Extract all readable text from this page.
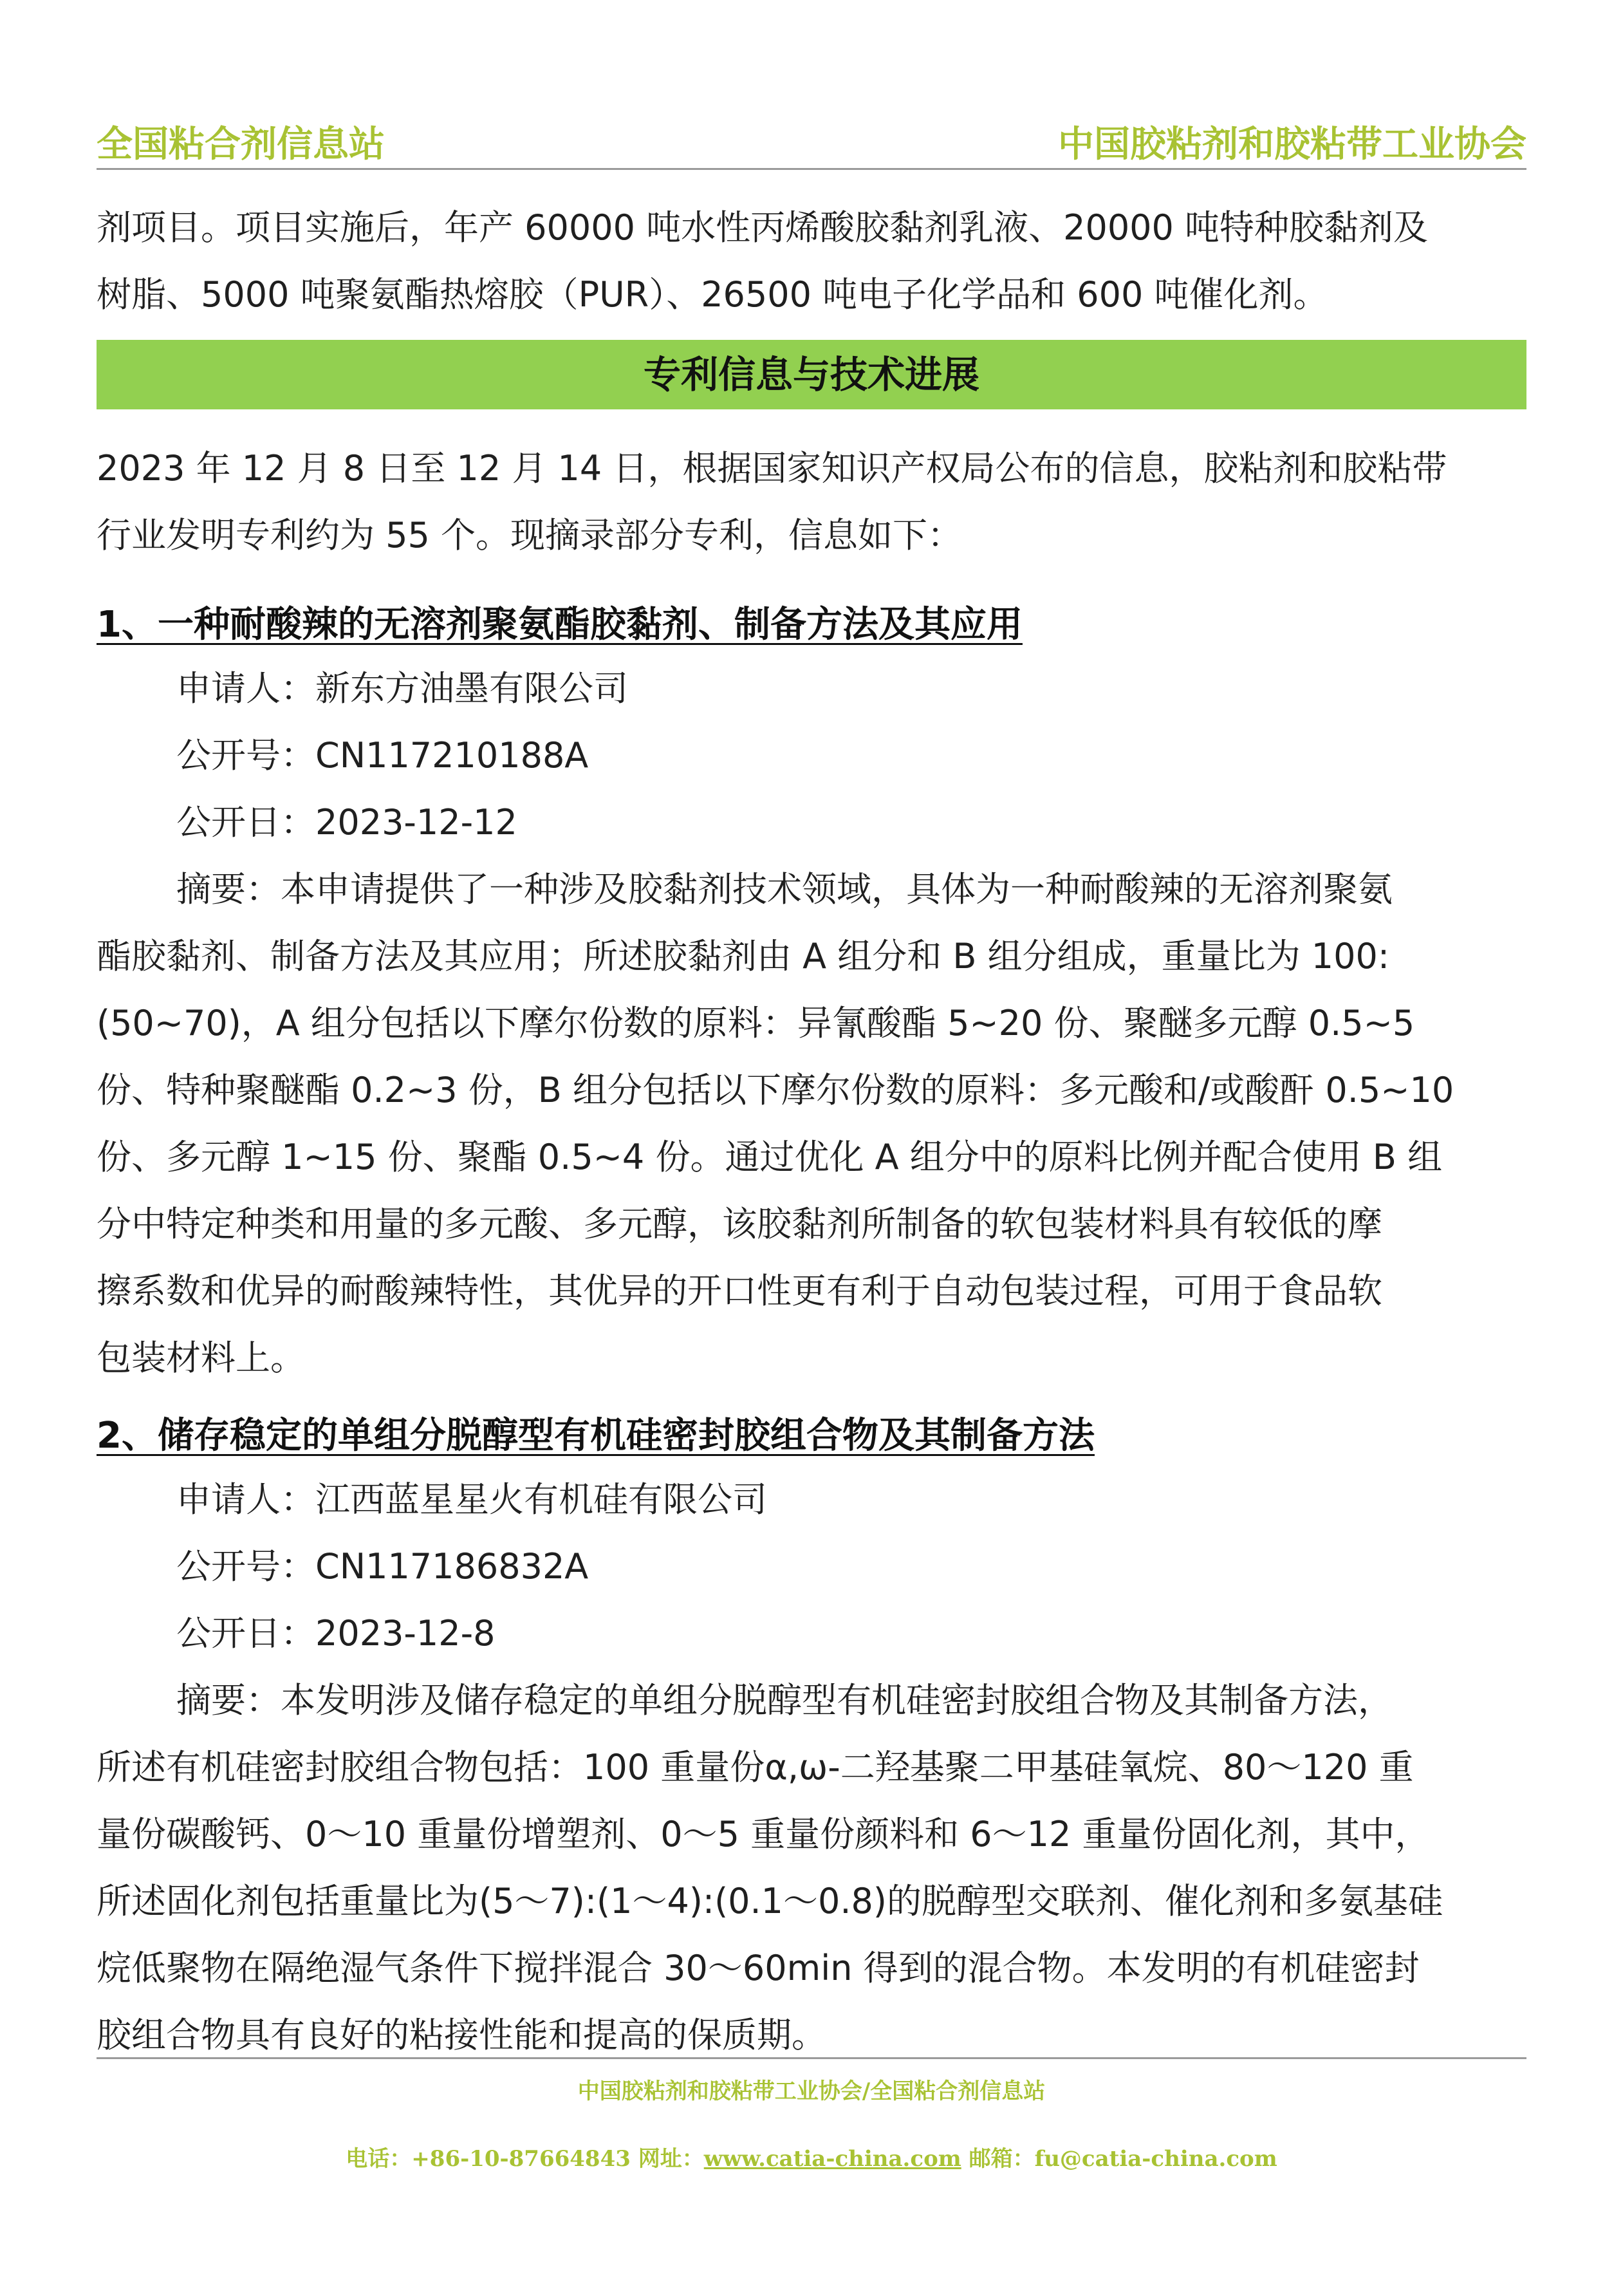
全国粘合剂信息站	中国胶粘剂和胶粘带工业协会
剂项目。项目实施后，年产 60000 吨水性丙烯酸胶黏剂乳液、20000 吨特种胶黏剂及
树脂、5000 吨聚氨酯热熔胶（PUR）、26500 吨电子化学品和 600 吨催化剂。
专利信息与技术进展
2023 年 12 月 8 日至 12 月 14 日，根据国家知识产权局公布的信息，胶粘剂和胶粘带
行业发明专利约为 55 个。现摘录部分专利，信息如下：
1、一种耐酸辣的无溶剂聚氨酯胶黏剂、制备方法及其应用
申请人：新东方油墨有限公司
公开号：CN117210188A
公开日：2023-12-12
摘要：本申请提供了一种涉及胶黏剂技术领域，具体为一种耐酸辣的无溶剂聚氨
酯胶黏剂、制备方法及其应用；所述胶黏剂由 A 组分和 B 组分组成，重量比为 100:
(50~70)，A 组分包括以下摩尔份数的原料：异氰酸酯 5~20 份、聚醚多元醇 0.5~5
份、特种聚醚酯 0.2~3 份，B 组分包括以下摩尔份数的原料：多元酸和/或酸酐 0.5~10
份、多元醇 1~15 份、聚酯 0.5~4 份。通过优化 A 组分中的原料比例并配合使用 B 组
分中特定种类和用量的多元酸、多元醇，该胶黏剂所制备的软包装材料具有较低的摩
擦系数和优异的耐酸辣特性，其优异的开口性更有利于自动包装过程，可用于食品软
包装材料上。
2、储存稳定的单组分脱醇型有机硅密封胶组合物及其制备方法
申请人：江西蓝星星火有机硅有限公司
公开号：CN117186832A
公开日：2023-12-8
摘要：本发明涉及储存稳定的单组分脱醇型有机硅密封胶组合物及其制备方法，
所述有机硅密封胶组合物包括：100 重量份α,ω-二羟基聚二甲基硅氧烷、80～120 重
量份碳酸钙、0～10 重量份增塑剂、0～5 重量份颜料和 6～12 重量份固化剂，其中，
所述固化剂包括重量比为(5～7):(1～4):(0.1～0.8)的脱醇型交联剂、催化剂和多氨基硅
烷低聚物在隔绝湿气条件下搅拌混合 30～60min 得到的混合物。本发明的有机硅密封
胶组合物具有良好的粘接性能和提高的保质期。
中国胶粘剂和胶粘带工业协会/全国粘合剂信息站
电话：+86-10-87664843 网址：www.catia-china.com 邮箱：fu@catia-china.com
